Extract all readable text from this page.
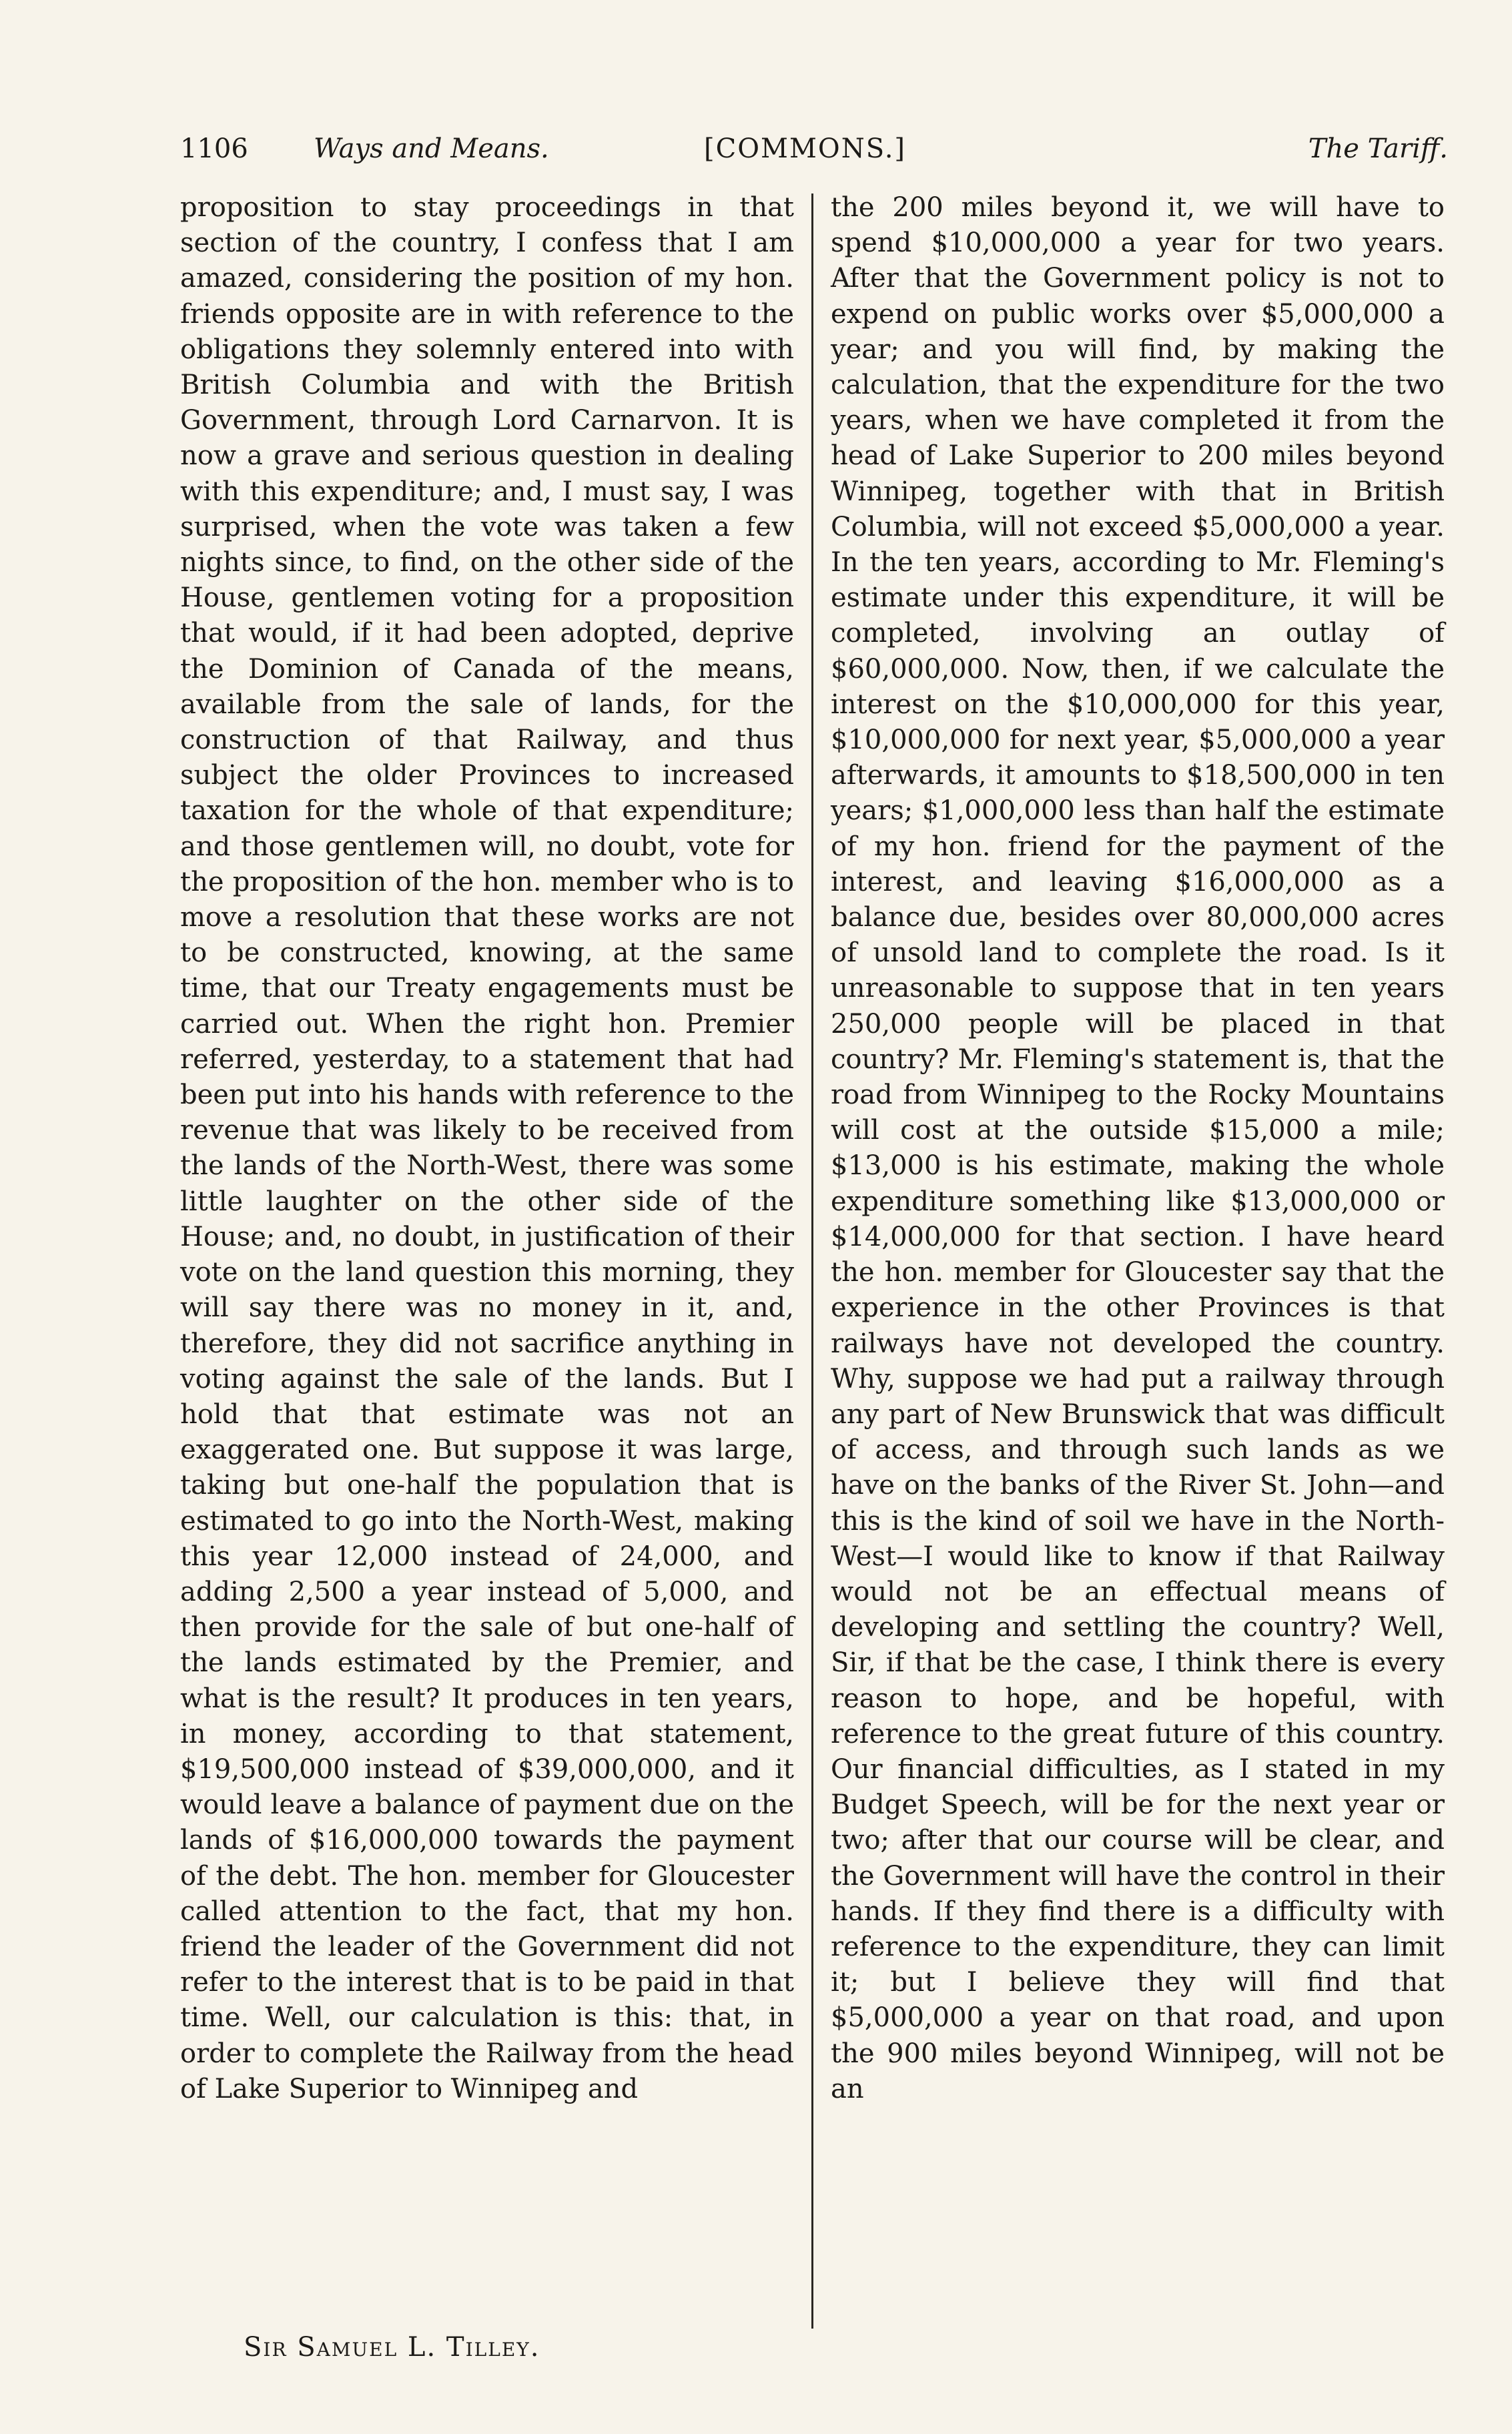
1106 Ways and Means.	[COMMONS.]	The Tariff.

proposition to stay proceedings in that section of the country, I confess that I am amazed, considering the position of my hon. friends opposite are in with reference to the obligations they solemnly entered into with British Columbia and with the British Government, through Lord Carnarvon. It is now a grave and serious question in dealing with this expenditure; and, I must say, I was surprised, when the vote was taken a few nights since, to find, on the other side of the House, gentlemen voting for a proposition that would, if it had been adopted, deprive the Dominion of Canada of the means, available from the sale of lands, for the construction of that Railway, and thus subject the older Provinces to increased taxation for the whole of that expenditure; and those gentlemen will, no doubt, vote for the proposition of the hon. member who is to move a resolution that these works are not to be constructed, knowing, at the same time, that our Treaty engagements must be carried out. When the right hon. Premier referred, yesterday, to a statement that had been put into his hands with reference to the revenue that was likely to be received from the lands of the North-West, there was some little laughter on the other side of the House; and, no doubt, in justification of their vote on the land question this morning, they will say there was no money in it, and, therefore, they did not sacrifice anything in voting against the sale of the lands. But I hold that that estimate was not an exaggerated one. But suppose it was large, taking but one-half the population that is estimated to go into the North-West, making this year 12,000 instead of 24,000, and adding 2,500 a year instead of 5,000, and then provide for the sale of but one-half of the lands estimated by the Premier, and what is the result? It produces in ten years, in money, according to that statement, $19,500,000 instead of $39,000,000, and it would leave a balance of payment due on the lands of $16,000,000 towards the payment of the debt. The hon. member for Gloucester called attention to the fact, that my hon. friend the leader of the Government did not refer to the interest that is to be paid in that time. Well, our calculation is this: that, in order to complete the Railway from the head of Lake Superior to Winnipeg and

the 200 miles beyond it, we will have to spend $10,000,000 a year for two years. After that the Government policy is not to expend on public works over $5,000,000 a year; and you will find, by making the calculation, that the expenditure for the two years, when we have completed it from the head of Lake Superior to 200 miles beyond Winnipeg, together with that in British Columbia, will not exceed $5,000,000 a year. In the ten years, according to Mr. Fleming's estimate under this expenditure, it will be completed, involving an outlay of $60,000,000. Now, then, if we calculate the interest on the $10,000,000 for this year, $10,000,000 for next year, $5,000,000 a year afterwards, it amounts to $18,500,000 in ten years; $1,000,000 less than half the estimate of my hon. friend for the payment of the interest, and leaving $16,000,000 as a balance due, besides over 80,000,000 acres of unsold land to complete the road. Is it unreasonable to suppose that in ten years 250,000 people will be placed in that country? Mr. Fleming's statement is, that the road from Winnipeg to the Rocky Mountains will cost at the outside $15,000 a mile; $13,000 is his estimate, making the whole expenditure something like $13,000,000 or $14,000,000 for that section. I have heard the hon. member for Gloucester say that the experience in the other Provinces is that railways have not developed the country. Why, suppose we had put a railway through any part of New Brunswick that was difficult of access, and through such lands as we have on the banks of the River St. John—and this is the kind of soil we have in the North-West—I would like to know if that Railway would not be an effectual means of developing and settling the country? Well, Sir, if that be the case, I think there is every reason to hope, and be hopeful, with reference to the great future of this country. Our financial difficulties, as I stated in my Budget Speech, will be for the next year or two; after that our course will be clear, and the Government will have the control in their hands. If they find there is a difficulty with reference to the expenditure, they can limit it; but I believe they will find that $5,000,000 a year on that road, and upon the 900 miles beyond Winnipeg, will not be an

Sir Samuel L. Tilley.
